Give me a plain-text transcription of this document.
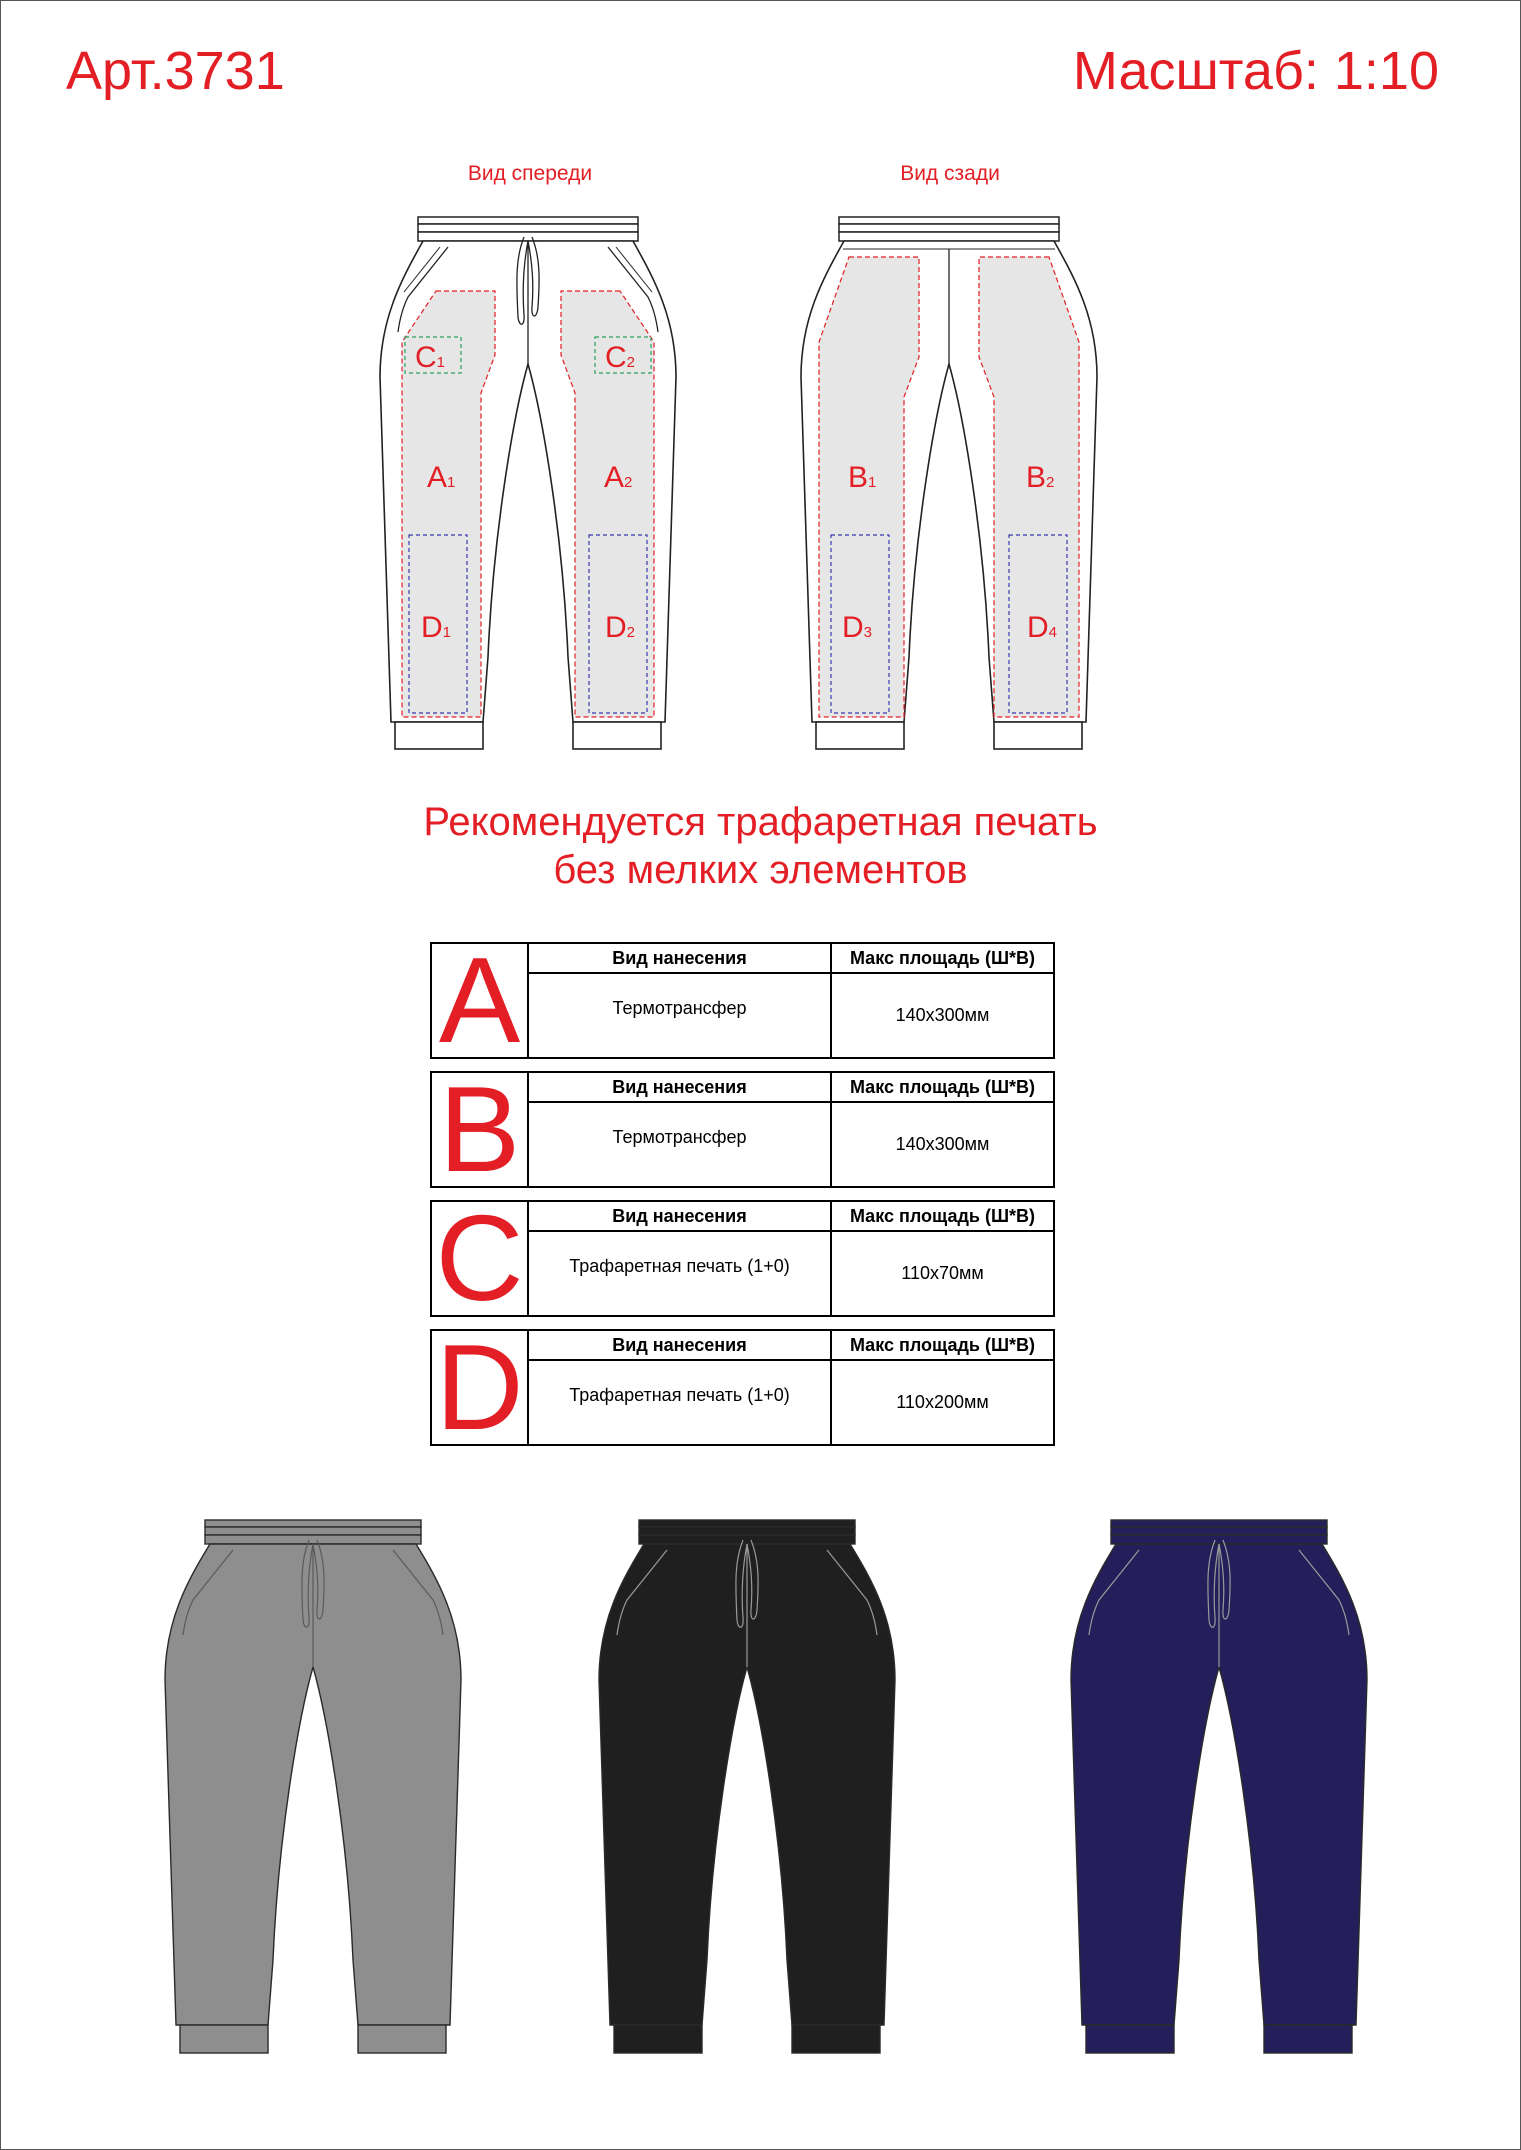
Арт.3731	Масштаб: 1:10
Вид спереди	Вид сзади
C1	C2
A1	A2
D1	D2
B1	B2
D3	D4
Рекомендуется трафаретная печать
без мелких элементов
A	Вид нанесения	Макс площадь (Ш*В)
Термотрансфер	140x300мм
B	Вид нанесения	Макс площадь (Ш*В)
Термотрансфер	140x300мм
C	Вид нанесения	Макс площадь (Ш*В)
Трафаретная печать (1+0)	110x70мм
D	Вид нанесения	Макс площадь (Ш*В)
Трафаретная печать (1+0)	110x200мм
